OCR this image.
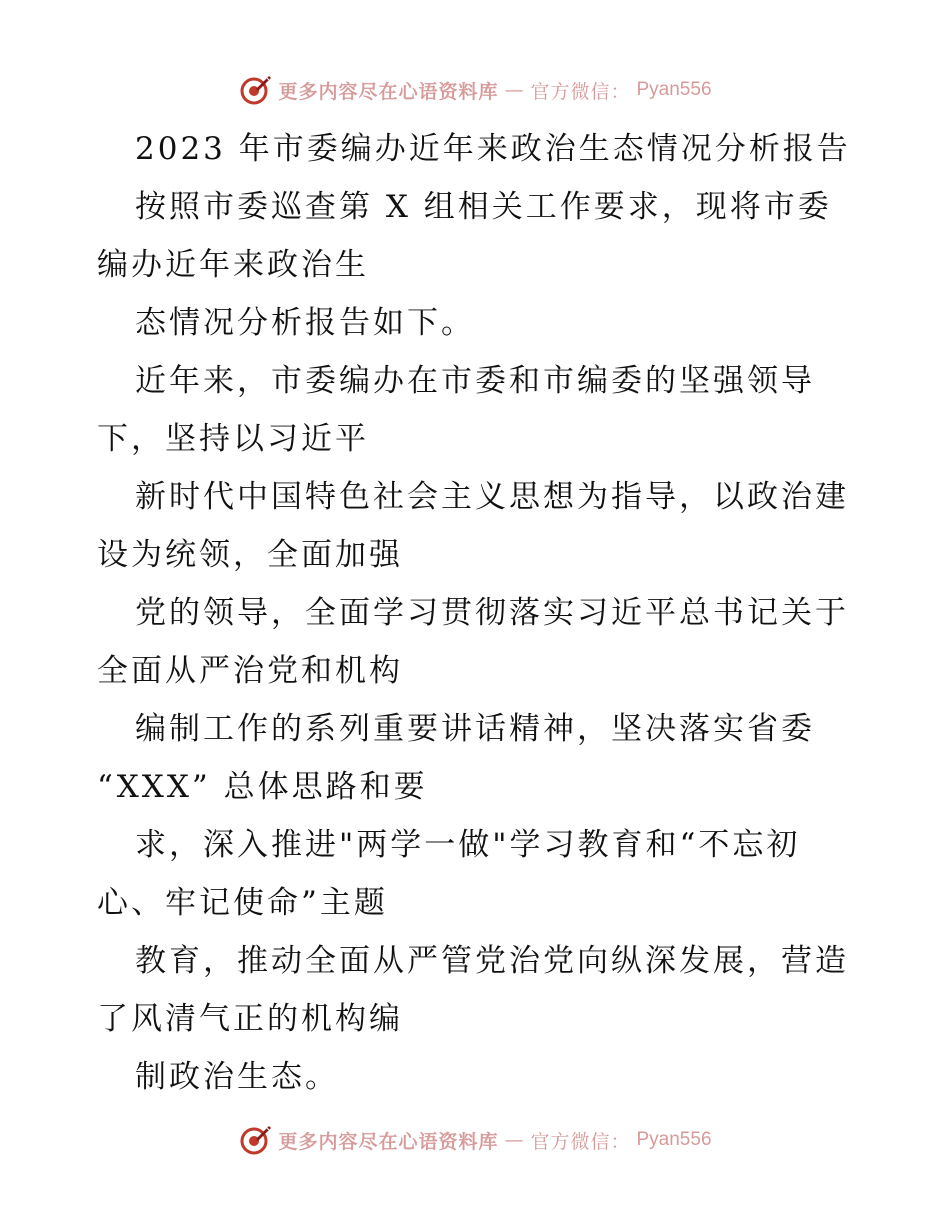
更多内容尽在心语资料库 — 官方微信： Pyan556
2023 年市委编办近年来政治生态情况分析报告
按照市委巡查第 X 组相关工作要求，现将市委
编办近年来政治生
态情况分析报告如下。
近年来，市委编办在市委和市编委的坚强领导
下，坚持以习近平
新时代中国特色社会主义思想为指导，以政治建
设为统领，全面加强
党的领导，全面学习贯彻落实习近平总书记关于
全面从严治党和机构
编制工作的系列重要讲话精神，坚决落实省委
“XXX” 总体思路和要
求，深入推进"两学一做"学习教育和“不忘初
心、牢记使命”主题
教育，推动全面从严管党治党向纵深发展，营造
了风清气正的机构编
制政治生态。
更多内容尽在心语资料库 — 官方微信： Pyan556
